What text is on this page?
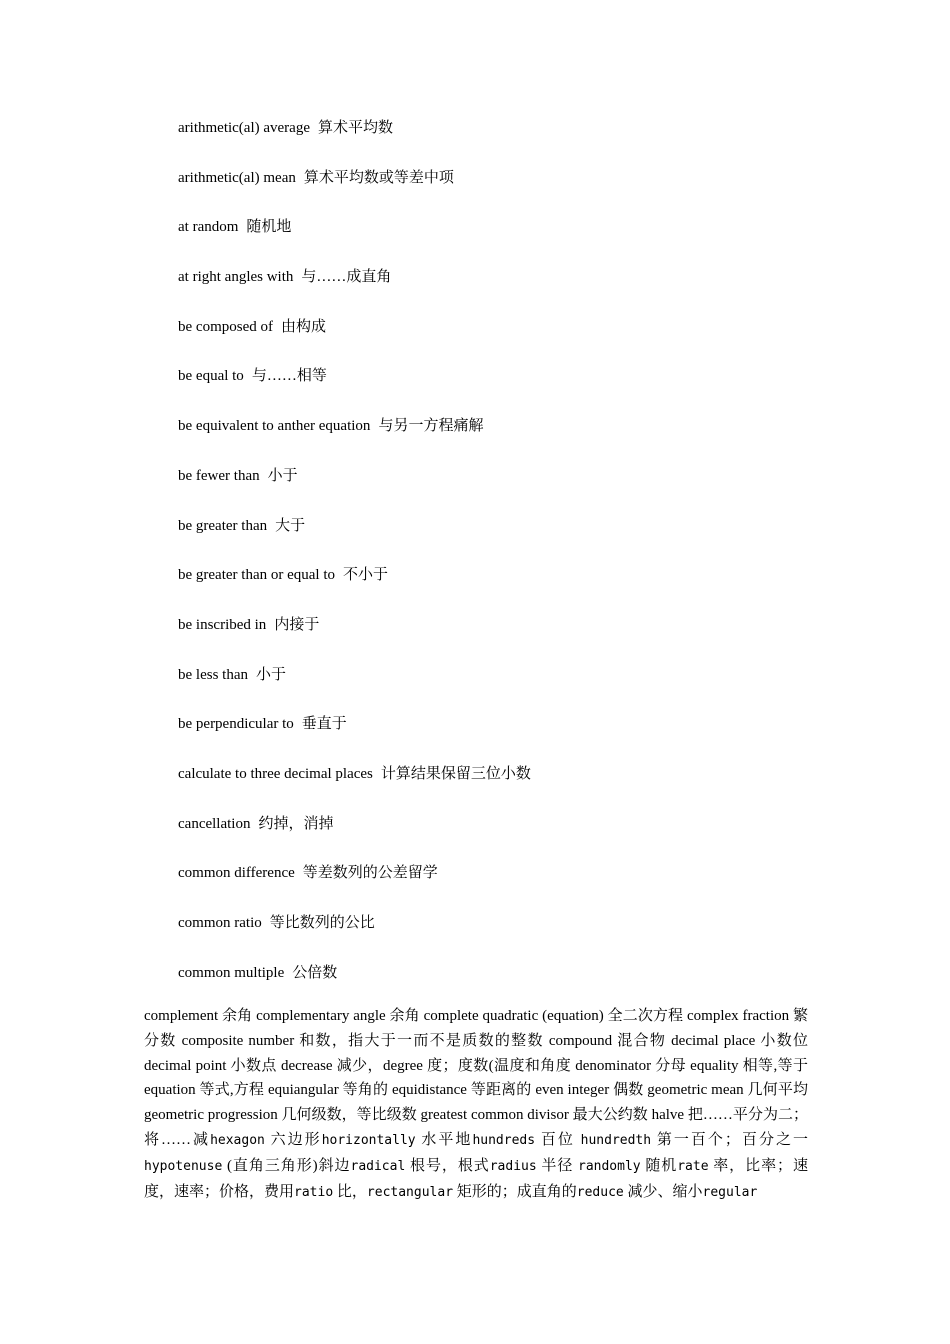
arithmetic(al) average 算术平均数
arithmetic(al) mean 算术平均数或等差中项
at random 随机地
at right angles with 与……成直角
be composed of 由构成
be equal to 与……相等
be equivalent to anther equation 与另一方程痛解
be fewer than 小于
be greater than 大于
be greater than or equal to 不小于
be inscribed in 内接于
be less than 小于
be perpendicular to 垂直于
calculate to three decimal places 计算结果保留三位小数
cancellation 约掉，消掉
common difference 等差数列的公差留学
common ratio 等比数列的公比
common multiple 公倍数

complement 余角 complementary angle 余角 complete quadratic (equation) 全二次方程 complex fraction 繁分数 composite number 和数，指大于一而不是质数的整数 compound 混合物 decimal place 小数位 decimal point 小数点 decrease 减少，degree 度；度数(温度和角度 denominator 分母 equality 相等,等于 equation 等式,方程 equiangular 等角的 equidistance 等距离的 even integer 偶数 geometric mean 几何平均 geometric progression 几何级数，等比级数 greatest common divisor 最大公约数 halve 把……平分为二；将……减hexagon 六边形horizontally 水平地hundreds 百位 hundredth 第一百个；百分之一hypotenuse (直角三角形)斜边radical 根号，根式radius 半径 randomly 随机rate 率，比率；速度，速率；价格，费用ratio 比，rectangular 矩形的；成直角的reduce 减少、缩小regular
